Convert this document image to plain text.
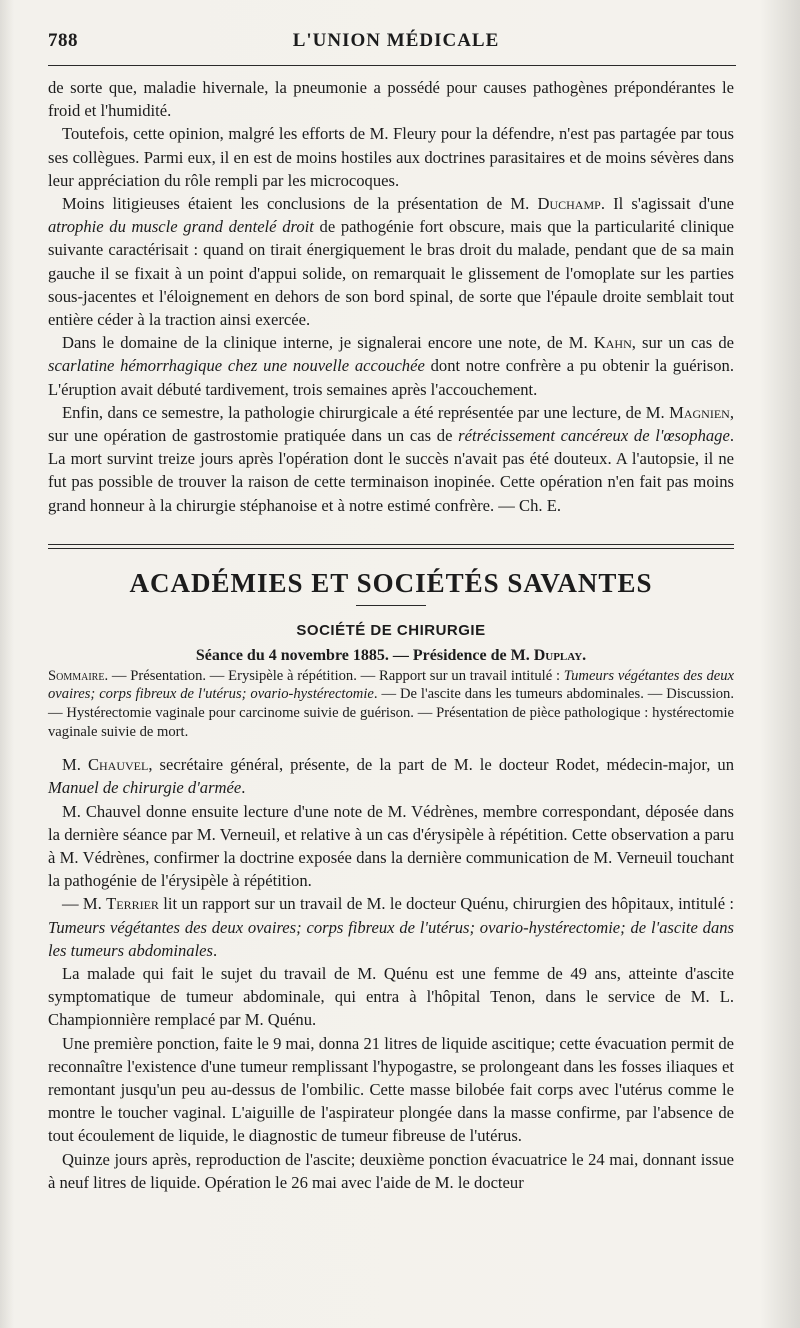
788	L'UNION MÉDICALE

de sorte que, maladie hivernale, la pneumonie a possédé pour causes pathogènes prépondérantes le froid et l'humidité.

Toutefois, cette opinion, malgré les efforts de M. Fleury pour la défendre, n'est pas partagée par tous ses collègues. Parmi eux, il en est de moins hostiles aux doctrines parasitaires et de moins sévères dans leur appréciation du rôle rempli par les microcoques.

Moins litigieuses étaient les conclusions de la présentation de M. Duchamp. Il s'agissait d'une atrophie du muscle grand dentelé droit de pathogénie fort obscure, mais que la particularité clinique suivante caractérisait : quand on tirait énergiquement le bras droit du malade, pendant que de sa main gauche il se fixait à un point d'appui solide, on remarquait le glissement de l'omoplate sur les parties sous-jacentes et l'éloignement en dehors de son bord spinal, de sorte que l'épaule droite semblait tout entière céder à la traction ainsi exercée.

Dans le domaine de la clinique interne, je signalerai encore une note, de M. Kahn, sur un cas de scarlatine hémorrhagique chez une nouvelle accouchée dont notre confrère a pu obtenir la guérison. L'éruption avait débuté tardivement, trois semaines après l'accouchement.

Enfin, dans ce semestre, la pathologie chirurgicale a été représentée par une lecture, de M. Magnien, sur une opération de gastrostomie pratiquée dans un cas de rétrécissement cancéreux de l'œsophage. La mort survint treize jours après l'opération dont le succès n'avait pas été douteux. A l'autopsie, il ne fut pas possible de trouver la raison de cette terminaison inopinée. Cette opération n'en fait pas moins grand honneur à la chirurgie stéphanoise et à notre estimé confrère. — Ch. E.

ACADÉMIES ET SOCIÉTÉS SAVANTES
SOCIÉTÉ DE CHIRURGIE
Séance du 4 novembre 1885. — Présidence de M. Duplay.

Sommaire. — Présentation. — Erysipèle à répétition. — Rapport sur un travail intitulé : Tumeurs végétantes des deux ovaires; corps fibreux de l'utérus; ovario-hystérectomie. — De l'ascite dans les tumeurs abdominales. — Discussion. — Hystérectomie vaginale pour carcinome suivie de guérison. — Présentation de pièce pathologique : hystérectomie vaginale suivie de mort.

M. Chauvel, secrétaire général, présente, de la part de M. le docteur Rodet, médecin-major, un Manuel de chirurgie d'armée.

M. Chauvel donne ensuite lecture d'une note de M. Védrènes, membre correspondant, déposée dans la dernière séance par M. Verneuil, et relative à un cas d'érysipèle à répétition. Cette observation a paru à M. Védrènes, confirmer la doctrine exposée dans la dernière communication de M. Verneuil touchant la pathogénie de l'érysipèle à répétition.

— M. Terrier lit un rapport sur un travail de M. le docteur Quénu, chirurgien des hôpitaux, intitulé : Tumeurs végétantes des deux ovaires; corps fibreux de l'utérus; ovario-hystérectomie; de l'ascite dans les tumeurs abdominales.

La malade qui fait le sujet du travail de M. Quénu est une femme de 49 ans, atteinte d'ascite symptomatique de tumeur abdominale, qui entra à l'hôpital Tenon, dans le service de M. L. Championnière remplacé par M. Quénu.

Une première ponction, faite le 9 mai, donna 21 litres de liquide ascitique; cette évacuation permit de reconnaître l'existence d'une tumeur remplissant l'hypogastre, se prolongeant dans les fosses iliaques et remontant jusqu'un peu au-dessus de l'ombilic. Cette masse bilobée fait corps avec l'utérus comme le montre le toucher vaginal. L'aiguille de l'aspirateur plongée dans la masse confirme, par l'absence de tout écoulement de liquide, le diagnostic de tumeur fibreuse de l'utérus.

Quinze jours après, reproduction de l'ascite; deuxième ponction évacuatrice le 24 mai, donnant issue à neuf litres de liquide. Opération le 26 mai avec l'aide de M. le docteur
